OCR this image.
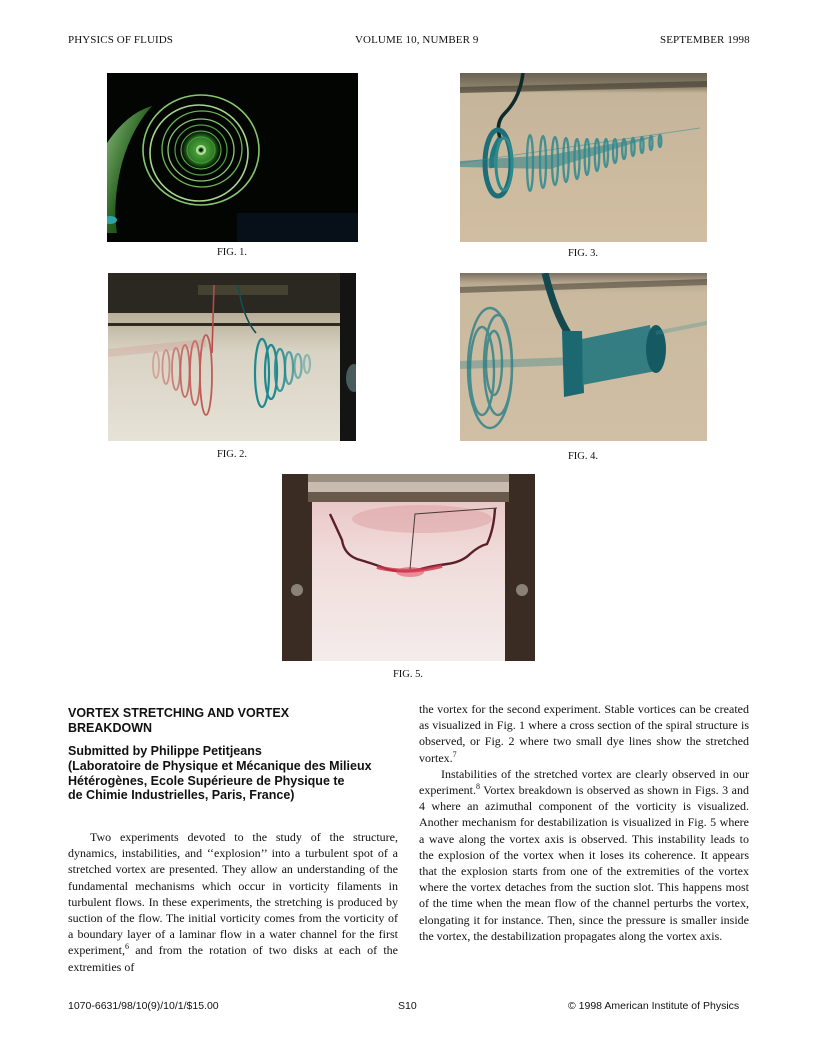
PHYSICS OF FLUIDS	VOLUME 10, NUMBER 9	SEPTEMBER 1998
FIG. 1.	FIG. 3.
FIG. 2.	FIG. 4.
FIG. 5.
VORTEX STRETCHING AND VORTEX
BREAKDOWN
Submitted by Philippe Petitjeans
(Laboratoire de Physique et Mécanique des Milieux
Hétérogènes, Ecole Supérieure de Physique te
de Chimie Industrielles, Paris, France)

Two experiments devoted to the study of the structure, dynamics, instabilities, and ‘‘explosion’’ into a turbulent spot of a stretched vortex are presented. They allow an understanding of the fundamental mechanisms which occur in vorticity filaments in turbulent flows. In these experiments, the stretching is produced by suction of the flow. The initial vorticity comes from the vorticity of a boundary layer of a laminar flow in a water channel for the first experiment,$^6$ and from the rotation of two disks at each of the extremities of

the vortex for the second experiment. Stable vortices can be created as visualized in Fig. 1 where a cross section of the spiral structure is observed, or Fig. 2 where two small dye lines show the stretched vortex.$^7$

Instabilities of the stretched vortex are clearly observed in our experiment.$^8$ Vortex breakdown is observed as shown in Figs. 3 and 4 where an azimuthal component of the vorticity is visualized. Another mechanism for destabilization is visualized in Fig. 5 where a wave along the vortex axis is observed. This instability leads to the explosion of the vortex when it loses its coherence. It appears that the explosion starts from one of the extremities of the vortex where the vortex detaches from the suction slot. This happens most of the time when the mean flow of the channel perturbs the vortex, elongating it for instance. Then, since the pressure is smaller inside the vortex, the destabilization propagates along the vortex axis.

1070-6631/98/10(9)/10/1/$15.00	S10	© 1998 American Institute of Physics
